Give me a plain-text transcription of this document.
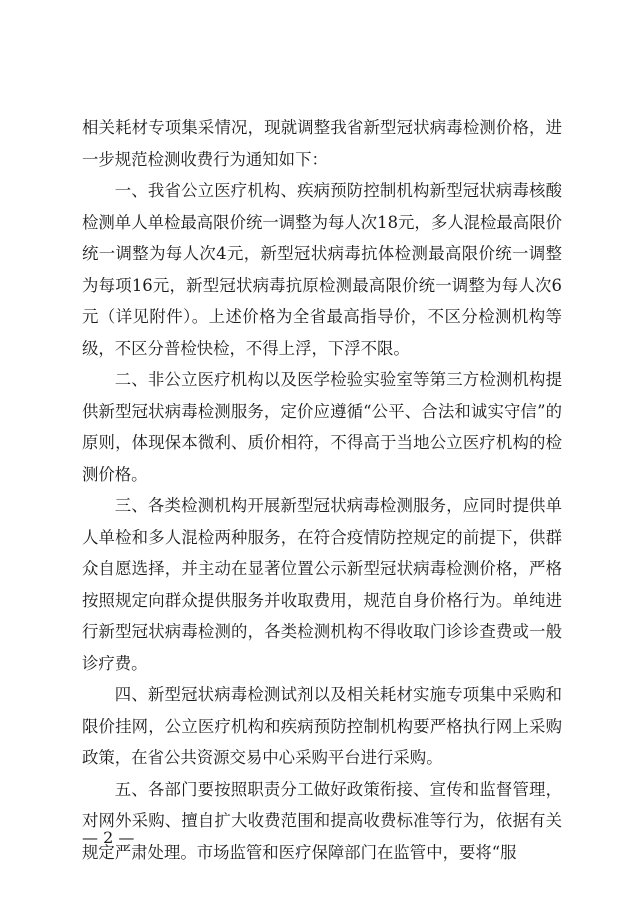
相关耗材专项集采情况，现就调整我省新型冠状病毒检测价格，进一步规范检测收费行为通知如下：

一、我省公立医疗机构、疾病预防控制机构新型冠状病毒核酸检测单人单检最高限价统一调整为每人次18元，多人混检最高限价统一调整为每人次4元，新型冠状病毒抗体检测最高限价统一调整为每项16元，新型冠状病毒抗原检测最高限价统一调整为每人次6元（详见附件）。上述价格为全省最高指导价，不区分检测机构等级，不区分普检快检，不得上浮，下浮不限。

二、非公立医疗机构以及医学检验实验室等第三方检测机构提供新型冠状病毒检测服务，定价应遵循“公平、合法和诚实守信”的原则，体现保本微利、质价相符，不得高于当地公立医疗机构的检测价格。

三、各类检测机构开展新型冠状病毒检测服务，应同时提供单人单检和多人混检两种服务，在符合疫情防控规定的前提下，供群众自愿选择，并主动在显著位置公示新型冠状病毒检测价格，严格按照规定向群众提供服务并收取费用，规范自身价格行为。单纯进行新型冠状病毒检测的，各类检测机构不得收取门诊诊查费或一般诊疗费。

四、新型冠状病毒检测试剂以及相关耗材实施专项集中采购和限价挂网，公立医疗机构和疾病预防控制机构要严格执行网上采购政策，在省公共资源交易中心采购平台进行采购。

五、各部门要按照职责分工做好政策衔接、宣传和监督管理，对网外采购、擅自扩大收费范围和提高收费标准等行为，依据有关规定严肃处理。市场监管和医疗保障部门在监管中，要将“服

— 2 —
